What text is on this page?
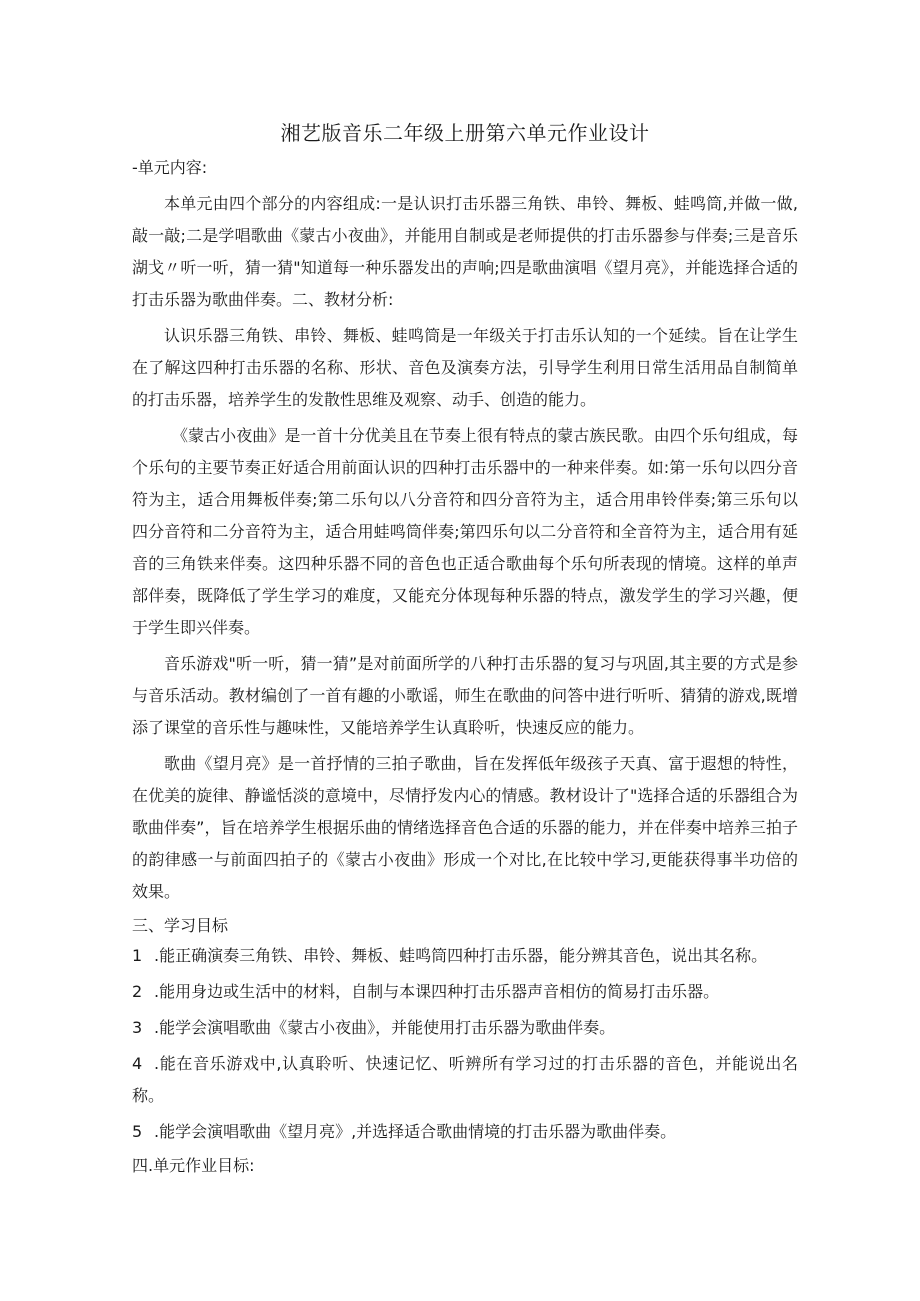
湘艺版音乐二年级上册第六单元作业设计

-单元内容:

本单元由四个部分的内容组成:一是认识打击乐器三角铁、串铃、舞板、蛙鸣筒,并做一做,敲一敲;二是学唱歌曲《蒙古小夜曲》，并能用自制或是老师提供的打击乐器参与伴奏;三是音乐湖戈〃听一听，猜一猜"知道每一种乐器发出的声响;四是歌曲演唱《望月亮》，并能选择合适的打击乐器为歌曲伴奏。二、教材分析:

认识乐器三角铁、串铃、舞板、蛙鸣筒是一年级关于打击乐认知的一个延续。旨在让学生在了解这四种打击乐器的名称、形状、音色及演奏方法，引导学生利用日常生活用品自制简单的打击乐器，培养学生的发散性思维及观察、动手、创造的能力。

《蒙古小夜曲》是一首十分优美且在节奏上很有特点的蒙古族民歌。由四个乐句组成，每个乐句的主要节奏正好适合用前面认识的四种打击乐器中的一种来伴奏。如:第一乐句以四分音符为主，适合用舞板伴奏;第二乐句以八分音符和四分音符为主，适合用串铃伴奏;第三乐句以四分音符和二分音符为主，适合用蛙鸣筒伴奏;第四乐句以二分音符和全音符为主，适合用有延音的三角铁来伴奏。这四种乐器不同的音色也正适合歌曲每个乐句所表现的情境。这样的单声部伴奏，既降低了学生学习的难度，又能充分体现每种乐器的特点，激发学生的学习兴趣，便于学生即兴伴奏。

音乐游戏"听一听，猜一猜”是对前面所学的八种打击乐器的复习与巩固,其主要的方式是参与音乐活动。教材编创了一首有趣的小歌谣，师生在歌曲的问答中进行听听、猜猜的游戏,既增添了课堂的音乐性与趣味性，又能培养学生认真聆听，快速反应的能力。

歌曲《望月亮》是一首抒情的三拍子歌曲，旨在发挥低年级孩子天真、富于遐想的特性，在优美的旋律、静谧恬淡的意境中，尽情抒发内心的情感。教材设计了"选择合适的乐器组合为歌曲伴奏”，旨在培养学生根据乐曲的情绪选择音色合适的乐器的能力，并在伴奏中培养三拍子的韵律感一与前面四拍子的《蒙古小夜曲》形成一个对比,在比较中学习,更能获得事半功倍的效果。

三、学习目标

1 .能正确演奏三角铁、串铃、舞板、蛙鸣筒四种打击乐器，能分辨其音色，说出其名称。

2 .能用身边或生活中的材料，自制与本课四种打击乐器声音相仿的简易打击乐器。

3 .能学会演唱歌曲《蒙古小夜曲》，并能使用打击乐器为歌曲伴奏。

4 .能在音乐游戏中,认真聆听、快速记忆、听辨所有学习过的打击乐器的音色，并能说出名称。

5 .能学会演唱歌曲《望月亮》,并选择适合歌曲情境的打击乐器为歌曲伴奏。

四.单元作业目标:
